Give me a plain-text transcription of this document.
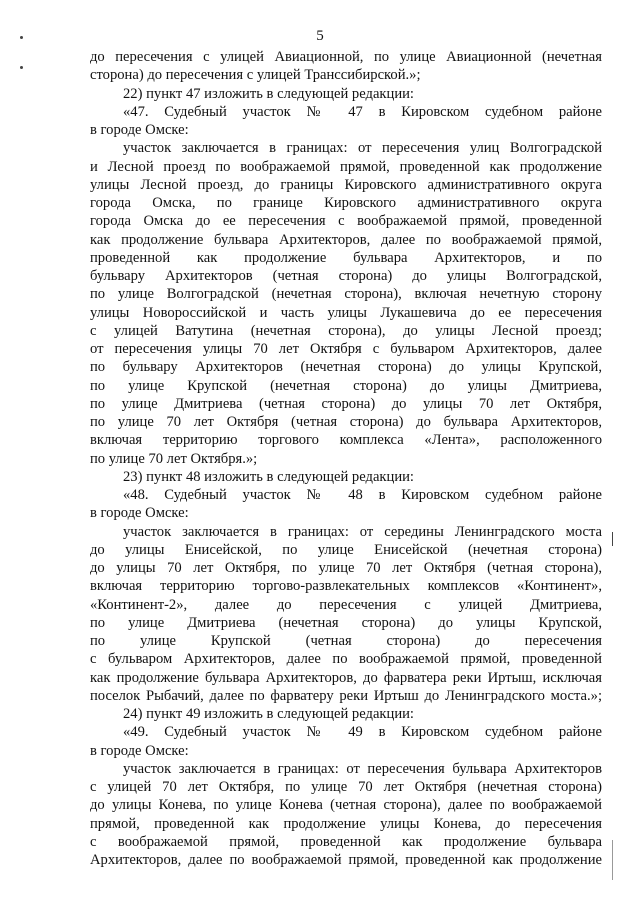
5
до пересечения с улицей Авиационной, по улице Авиационной (нечетная
сторона) до пересечения с улицей Транссибирской.»;
22) пункт 47 изложить в следующей редакции:
«47. Судебный участок № 47 в Кировском судебном районе
в городе Омске:
участок заключается в границах: от пересечения улиц Волгоградской
и Лесной проезд по воображаемой прямой, проведенной как продолжение
улицы Лесной проезд, до границы Кировского административного округа
города Омска, по границе Кировского административного округа
города Омска до ее пересечения с воображаемой прямой, проведенной
как продолжение бульвара Архитекторов, далее по воображаемой прямой,
проведенной как продолжение бульвара Архитекторов, и по
бульвару Архитекторов (четная сторона) до улицы Волгоградской,
по улице Волгоградской (нечетная сторона), включая нечетную сторону
улицы Новороссийской и часть улицы Лукашевича до ее пересечения
с улицей Ватутина (нечетная сторона), до улицы Лесной проезд;
от пересечения улицы 70 лет Октября с бульваром Архитекторов, далее
по бульвару Архитекторов (нечетная сторона) до улицы Крупской,
по улице Крупской (нечетная сторона) до улицы Дмитриева,
по улице Дмитриева (четная сторона) до улицы 70 лет Октября,
по улице 70 лет Октября (четная сторона) до бульвара Архитекторов,
включая территорию торгового комплекса «Лента», расположенного
по улице 70 лет Октября.»;
23) пункт 48 изложить в следующей редакции:
«48. Судебный участок № 48 в Кировском судебном районе
в городе Омске:
участок заключается в границах: от середины Ленинградского моста
до улицы Енисейской, по улице Енисейской (нечетная сторона)
до улицы 70 лет Октября, по улице 70 лет Октября (четная сторона),
включая территорию торгово-развлекательных комплексов «Континент»,
«Континент-2», далее до пересечения с улицей Дмитриева,
по улице Дмитриева (нечетная сторона) до улицы Крупской,
по улице Крупской (четная сторона) до пересечения
с бульваром Архитекторов, далее по воображаемой прямой, проведенной
как продолжение бульвара Архитекторов, до фарватера реки Иртыш, исключая
поселок Рыбачий, далее по фарватеру реки Иртыш до Ленинградского моста.»;
24) пункт 49 изложить в следующей редакции:
«49. Судебный участок № 49 в Кировском судебном районе
в городе Омске:
участок заключается в границах: от пересечения бульвара Архитекторов
с улицей 70 лет Октября, по улице 70 лет Октября (нечетная сторона)
до улицы Конева, по улице Конева (четная сторона), далее по воображаемой
прямой, проведенной как продолжение улицы Конева, до пересечения
с воображаемой прямой, проведенной как продолжение бульвара
Архитекторов, далее по воображаемой прямой, проведенной как продолжение
